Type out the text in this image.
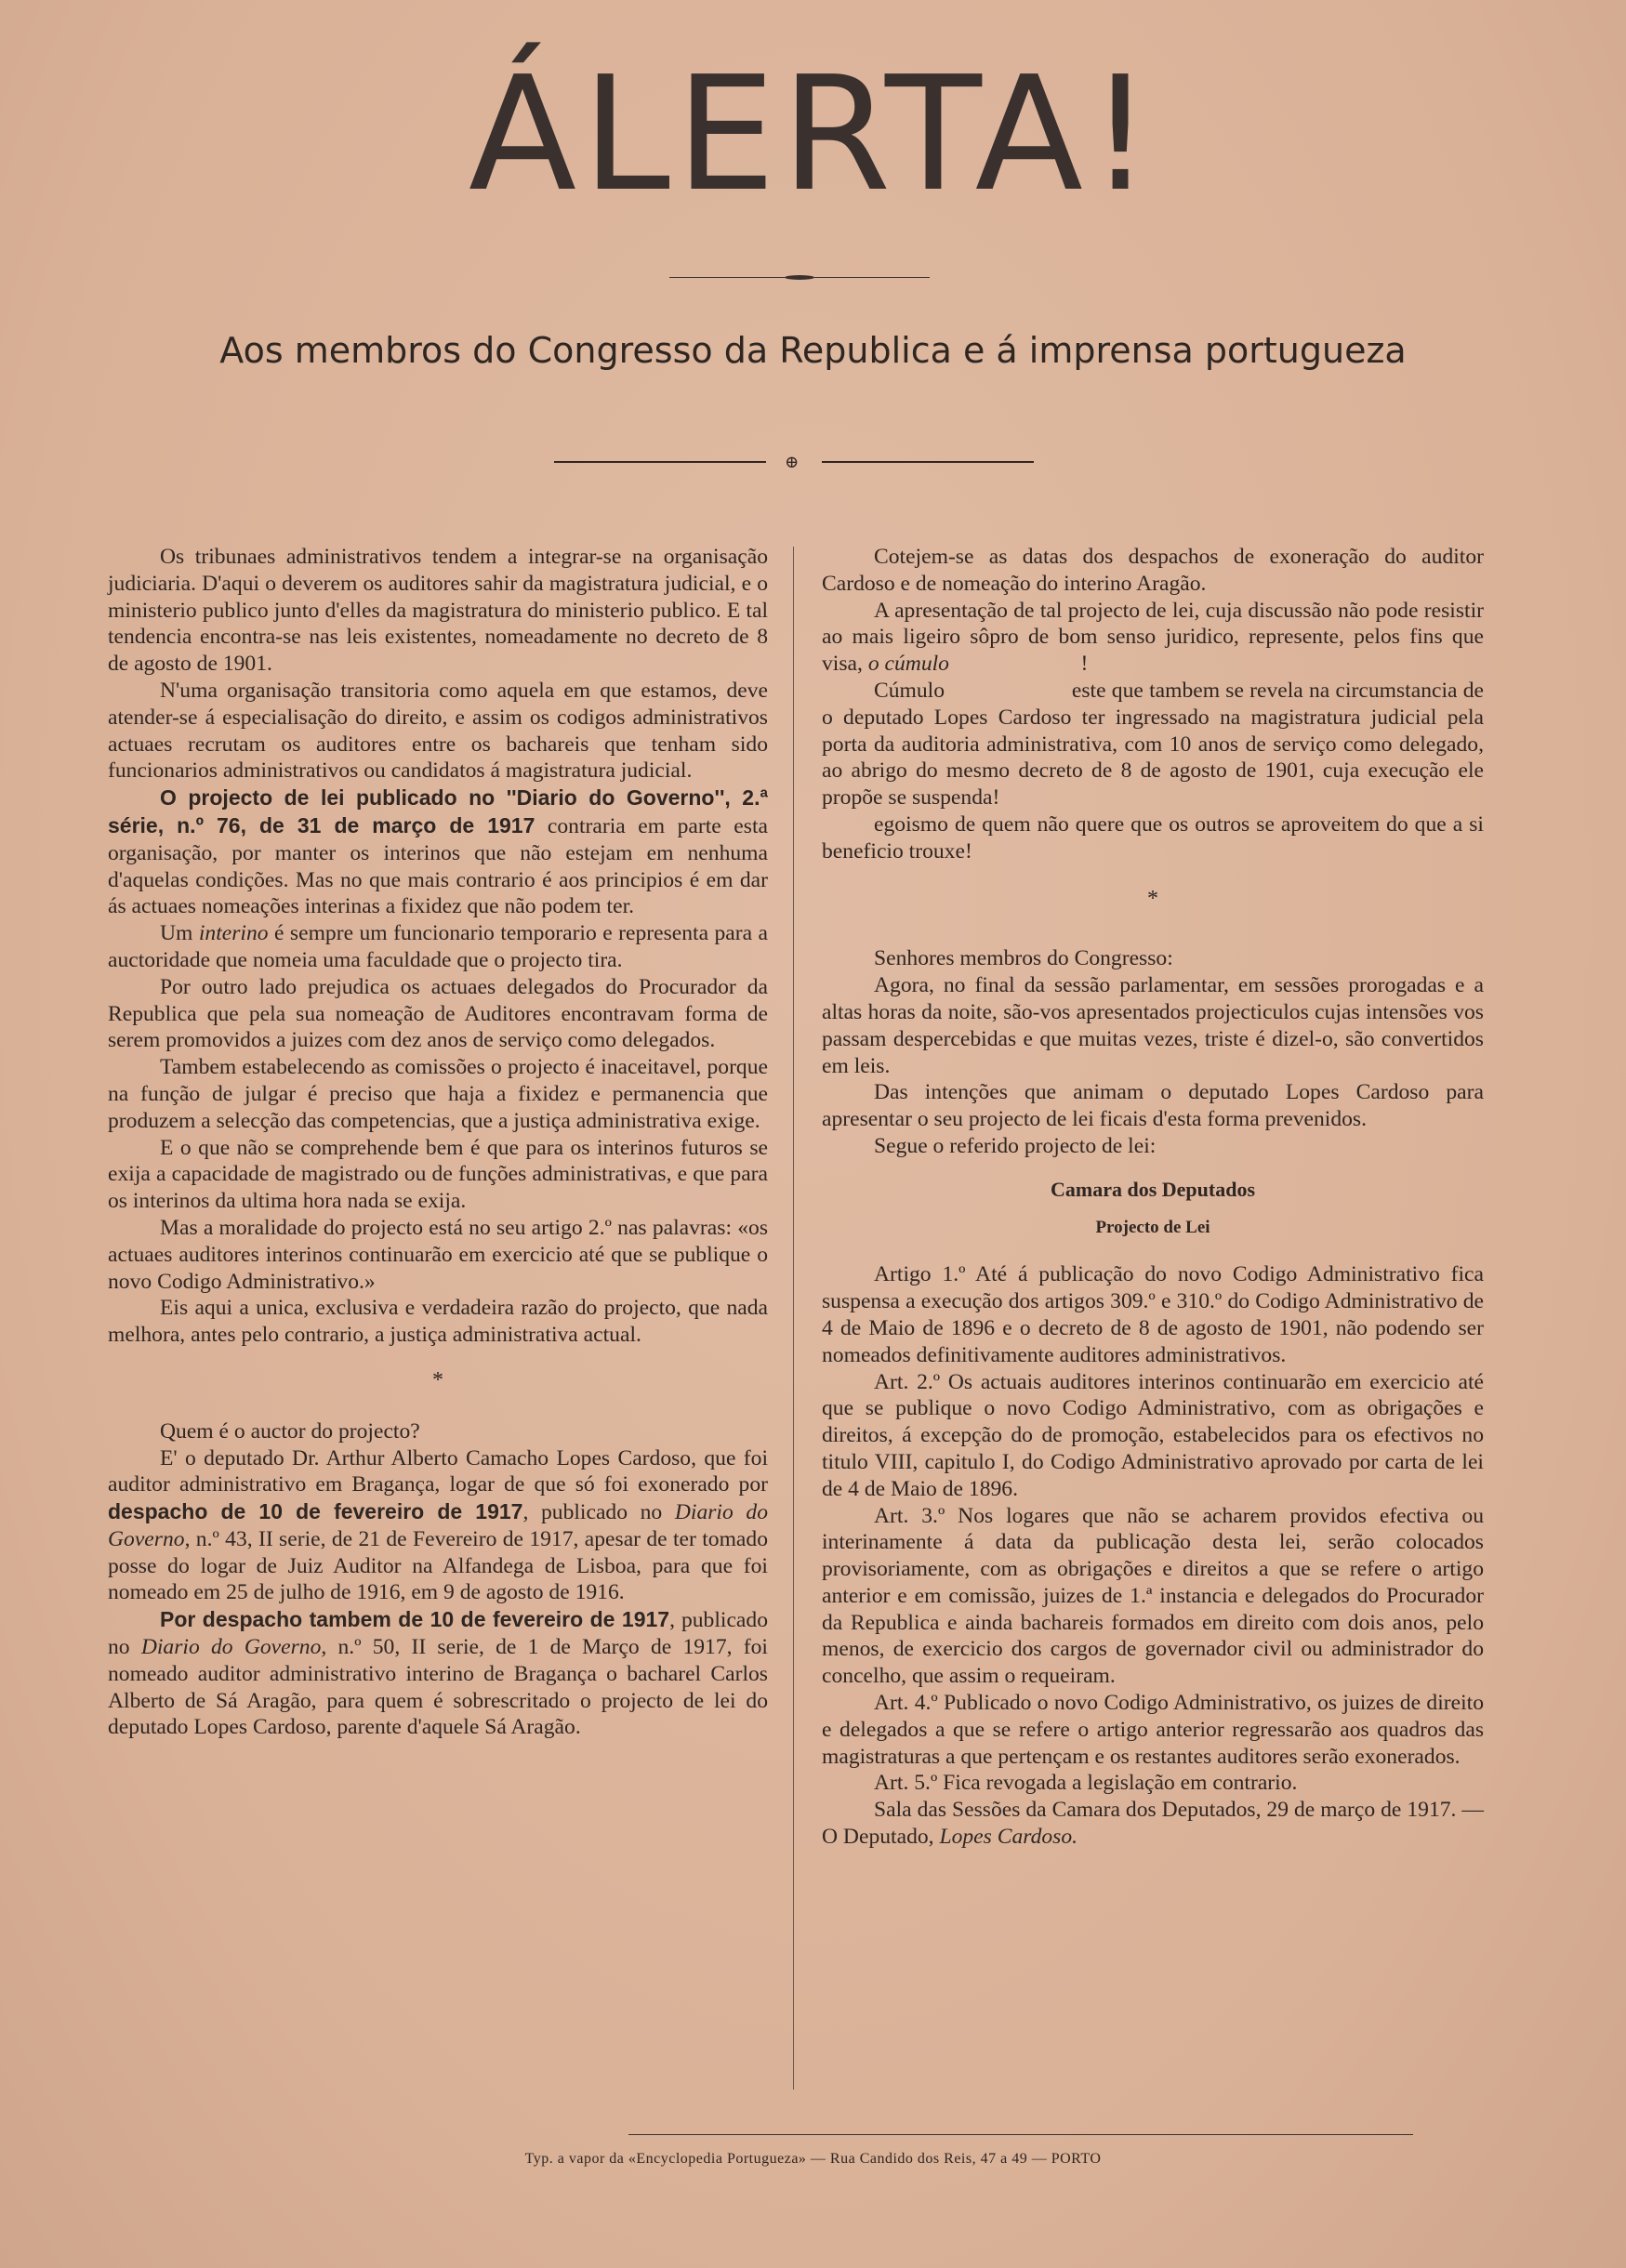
ÁLERTA!
Aos membros do Congresso da Republica e á imprensa portugueza
⊕

Os tribunaes administrativos tendem a integrar-se na organisação judiciaria. D'aqui o deverem os auditores sahir da magistratura judicial, e o ministerio publico junto d'elles da magistratura do ministerio publico. E tal tendencia encontra-se nas leis existentes, nomeadamente no decreto de 8 de agosto de 1901.

N'uma organisação transitoria como aquela em que estamos, deve atender-se á especialisação do direito, e assim os codigos administrativos actuaes recrutam os auditores entre os bachareis que tenham sido funcionarios administrativos ou candidatos á magistratura judicial.

O projecto de lei publicado no ''Diario do Governo'', 2.ª série, n.º 76, de 31 de março de 1917 contraria em parte esta organisação, por manter os interinos que não estejam em nenhuma d'aquelas condições. Mas no que mais contrario é aos principios é em dar ás actuaes nomeações interinas a fixidez que não podem ter.

Um interino é sempre um funcionario temporario e representa para a auctoridade que nomeia uma faculdade que o projecto tira.

Por outro lado prejudica os actuaes delegados do Procurador da Republica que pela sua nomeação de Auditores encontravam forma de serem promovidos a juizes com dez anos de serviço como delegados.

Tambem estabelecendo as comissões o projecto é inaceitavel, porque na função de julgar é preciso que haja a fixidez e permanencia que produzem a selecção das competencias, que a justiça administrativa exige.

E o que não se comprehende bem é que para os interinos futuros se exija a capacidade de magistrado ou de funções administrativas, e que para os interinos da ultima hora nada se exija.

Mas a moralidade do projecto está no seu artigo 2.º nas palavras: «os actuaes auditores interinos continuarão em exercicio até que se publique o novo Codigo Administrativo.»

Eis aqui a unica, exclusiva e verdadeira razão do projecto, que nada melhora, antes pelo contrario, a justiça administrativa actual.

*

Quem é o auctor do projecto?

E' o deputado Dr. Arthur Alberto Camacho Lopes Cardoso, que foi auditor administrativo em Bragança, logar de que só foi exonerado por despacho de 10 de fevereiro de 1917, publicado no Diario do Governo, n.º 43, II serie, de 21 de Fevereiro de 1917, apesar de ter tomado posse do logar de Juiz Auditor na Alfandega de Lisboa, para que foi nomeado em 25 de julho de 1916, em 9 de agosto de 1916.

Por despacho tambem de 10 de fevereiro de 1917, publicado no Diario do Governo, n.º 50, II serie, de 1 de Março de 1917, foi nomeado auditor administrativo interino de Bragança o bacharel Carlos Alberto de Sá Aragão, para quem é sobrescritado o projecto de lei do deputado Lopes Cardoso, parente d'aquele Sá Aragão.

Cotejem-se as datas dos despachos de exoneração do auditor Cardoso e de nomeação do interino Aragão.

A apresentação de tal projecto de lei, cuja discussão não pode resistir ao mais ligeiro sôpro de bom senso juridico, represente, pelos fins que visa, o cúmulo                        !

Cúmulo                      este que tambem se revela na circumstancia de o deputado Lopes Cardoso ter ingressado na magistratura judicial pela porta da auditoria administrativa, com 10 anos de serviço como delegado, ao abrigo do mesmo decreto de 8 de agosto de 1901, cuja execução ele propõe se suspenda!

egoismo de quem não quere que os outros se aproveitem do que a si beneficio trouxe!

*

Senhores membros do Congresso:

Agora, no final da sessão parlamentar, em sessões prorogadas e a altas horas da noite, são-vos apresentados projecticulos cujas intensões vos passam despercebidas e que muitas vezes, triste é dizel-o, são convertidos em leis.

Das intenções que animam o deputado Lopes Cardoso para apresentar o seu projecto de lei ficais d'esta forma prevenidos.

Segue o referido projecto de lei:

Camara dos Deputados

Projecto de Lei

Artigo 1.º Até á publicação do novo Codigo Administrativo fica suspensa a execução dos artigos 309.º e 310.º do Codigo Administrativo de 4 de Maio de 1896 e o decreto de 8 de agosto de 1901, não podendo ser nomeados definitivamente auditores administrativos.

Art. 2.º Os actuais auditores interinos continuarão em exercicio até que se publique o novo Codigo Administrativo, com as obrigações e direitos, á excepção do de promoção, estabelecidos para os efectivos no titulo VIII, capitulo I, do Codigo Administrativo aprovado por carta de lei de 4 de Maio de 1896.

Art. 3.º Nos logares que não se acharem providos efectiva ou interinamente á data da publicação desta lei, serão colocados provisoriamente, com as obrigações e direitos a que se refere o artigo anterior e em comissão, juizes de 1.ª instancia e delegados do Procurador da Republica e ainda bachareis formados em direito com dois anos, pelo menos, de exercicio dos cargos de governador civil ou administrador do concelho, que assim o requeiram.

Art. 4.º Publicado o novo Codigo Administrativo, os juizes de direito e delegados a que se refere o artigo anterior regressarão aos quadros das magistraturas a que pertençam e os restantes auditores serão exonerados.

Art. 5.º Fica revogada a legislação em contrario.

Sala das Sessões da Camara dos Deputados, 29 de março de 1917. — O Deputado, Lopes Cardoso.

Typ. a vapor da «Encyclopedia Portugueza» — Rua Candido dos Reis, 47 a 49 — PORTO
